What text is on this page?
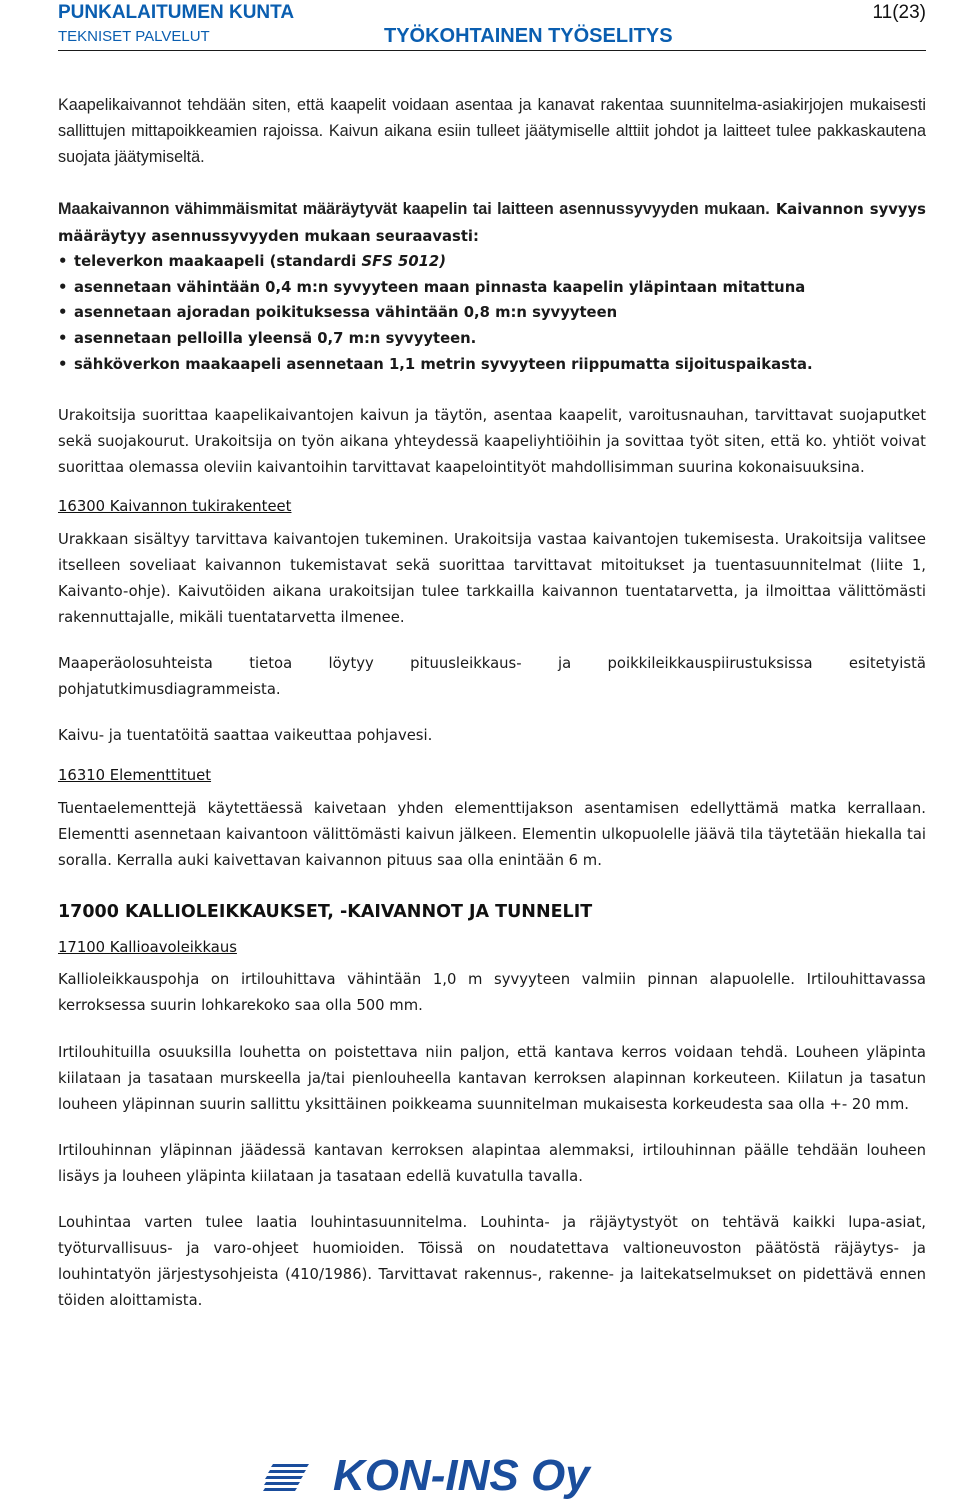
PUNKALAITUMEN KUNTA
TEKNISET PALVELUT	TYÖKOHTAINEN TYÖSELITYS
11(23)

Kaapelikaivannot tehdään siten, että kaapelit voidaan asentaa ja kanavat rakentaa suunnitelma-asiakirjojen mukaisesti sallittujen mittapoikkeamien rajoissa. Kaivun aikana esiin tulleet jäätymiselle alttiit johdot ja laitteet tulee pakkaskautena suojata jäätymiseltä.

Maakaivannon vähimmäismitat määräytyvät kaapelin tai laitteen asennussyvyyden mukaan. Kaivannon syvyys määräytyy asennussyvyyden mukaan seuraavasti:

• televerkon maakaapeli (standardi SFS 5012)
• asennetaan vähintään 0,4 m:n syvyyteen maan pinnasta kaapelin yläpintaan mitattuna
• asennetaan ajoradan poikituksessa vähintään 0,8 m:n syvyyteen
• asennetaan pelloilla yleensä 0,7 m:n syvyyteen.
• sähköverkon maakaapeli asennetaan 1,1 metrin syvyyteen riippumatta sijoituspaikasta.

Urakoitsija suorittaa kaapelikaivantojen kaivun ja täytön, asentaa kaapelit, varoitusnauhan, tarvittavat suojaputket sekä suojakourut. Urakoitsija on työn aikana yhteydessä kaapeliyhtiöihin ja sovittaa työt siten, että ko. yhtiöt voivat suorittaa olemassa oleviin kaivantoihin tarvittavat kaapelointityöt mahdollisimman suurina kokonaisuuksina.

16300 Kaivannon tukirakenteet

Urakkaan sisältyy tarvittava kaivantojen tukeminen. Urakoitsija vastaa kaivantojen tukemisesta. Urakoitsija valitsee itselleen soveliaat kaivannon tukemistavat sekä suorittaa tarvittavat mitoitukset ja tuentasuunnitelmat (liite 1, Kaivanto-ohje). Kaivutöiden aikana urakoitsijan tulee tarkkailla kaivannon tuentatarvetta, ja ilmoittaa välittömästi rakennuttajalle, mikäli tuentatarvetta ilmenee.

Maaperäolosuhteista tietoa löytyy pituusleikkaus- ja poikkileikkauspiirustuksissa esitetyistä pohjatutkimusdiagrammeista.

Kaivu- ja tuentatöitä saattaa vaikeuttaa pohjavesi.

16310 Elementtituet

Tuentaelementtejä käytettäessä kaivetaan yhden elementtijakson asentamisen edellyttämä matka kerrallaan. Elementti asennetaan kaivantoon välittömästi kaivun jälkeen. Elementin ulkopuolelle jäävä tila täytetään hiekalla tai soralla. Kerralla auki kaivettavan kaivannon pituus saa olla enintään 6 m.

17000 KALLIOLEIKKAUKSET, -KAIVANNOT JA TUNNELIT

17100 Kallioavoleikkaus

Kallioleikkauspohja on irtilouhittava vähintään 1,0 m syvyyteen valmiin pinnan alapuolelle. Irtilouhittavassa kerroksessa suurin lohkarekoko saa olla 500 mm.

Irtilouhituilla osuuksilla louhetta on poistettava niin paljon, että kantava kerros voidaan tehdä. Louheen yläpinta kiilataan ja tasataan murskeella ja/tai pienlouheella kantavan kerroksen alapinnan korkeuteen. Kiilatun ja tasatun louheen yläpinnan suurin sallittu yksittäinen poikkeama suunnitelman mukaisesta korkeudesta saa olla +- 20 mm.

Irtilouhinnan yläpinnan jäädessä kantavan kerroksen alapintaa alemmaksi, irtilouhinnan päälle tehdään louheen lisäys ja louheen yläpinta kiilataan ja tasataan edellä kuvatulla tavalla.

Louhintaa varten tulee laatia louhintasuunnitelma. Louhinta- ja räjäytystyöt on tehtävä kaikki lupa-asiat, työturvallisuus- ja varo-ohjeet huomioiden. Töissä on noudatettava valtioneuvoston päätöstä räjäytys- ja louhintatyön järjestysohjeista (410/1986). Tarvittavat rakennus-, rakenne- ja laitekatselmukset on pidettävä ennen töiden aloittamista.

KON-INS Oy
